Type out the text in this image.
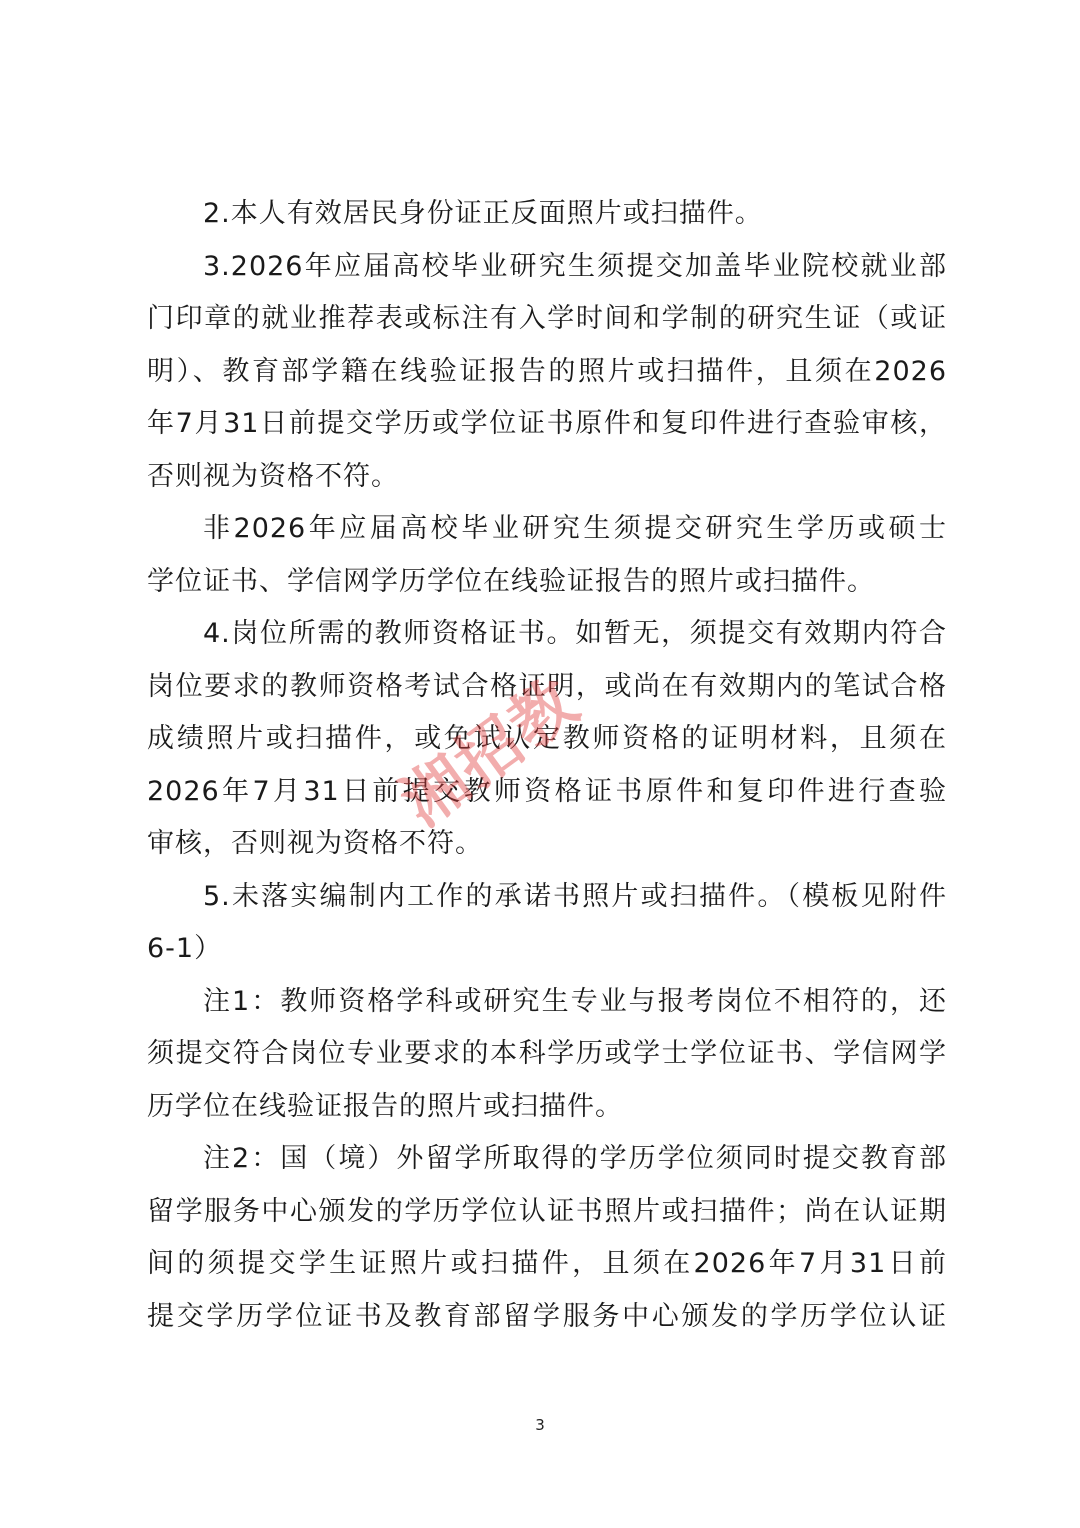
2.本人有效居民身份证正反面照片或扫描件。
3.2026年应届高校毕业研究生须提交加盖毕业院校就业部
门印章的就业推荐表或标注有入学时间和学制的研究生证（或证
明）、教育部学籍在线验证报告的照片或扫描件，且须在2026
年7月31日前提交学历或学位证书原件和复印件进行查验审核，
否则视为资格不符。
非2026年应届高校毕业研究生须提交研究生学历或硕士
学位证书、学信网学历学位在线验证报告的照片或扫描件。
4.岗位所需的教师资格证书。如暂无，须提交有效期内符合
岗位要求的教师资格考试合格证明，或尚在有效期内的笔试合格
成绩照片或扫描件，或免试认定教师资格的证明材料，且须在
2026年7月31日前提交教师资格证书原件和复印件进行查验
审核，否则视为资格不符。
5.未落实编制内工作的承诺书照片或扫描件。（模板见附件
6-1）
注1：教师资格学科或研究生专业与报考岗位不相符的，还
须提交符合岗位专业要求的本科学历或学士学位证书、学信网学
历学位在线验证报告的照片或扫描件。
注2：国（境）外留学所取得的学历学位须同时提交教育部
留学服务中心颁发的学历学位认证书照片或扫描件；尚在认证期
间的须提交学生证照片或扫描件，且须在2026年7月31日前
提交学历学位证书及教育部留学服务中心颁发的学历学位认证
3
湘招教
